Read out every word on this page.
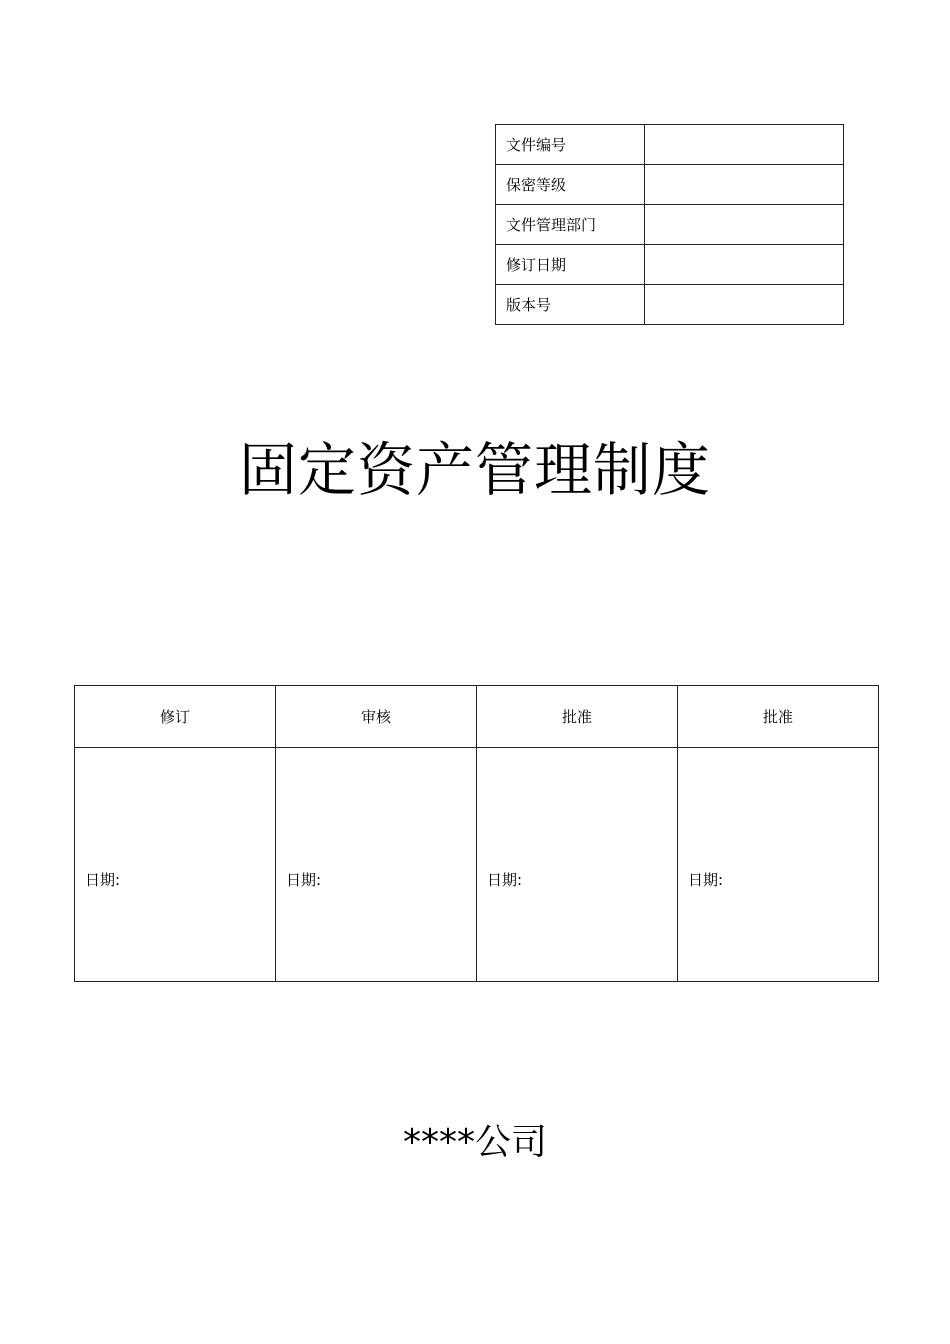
文件编号	
保密等级	
文件管理部门	
修订日期	
版本号	
固定资产管理制度
修订	审核	批准	批准

日期:	日期:	日期:	日期:
****公司
